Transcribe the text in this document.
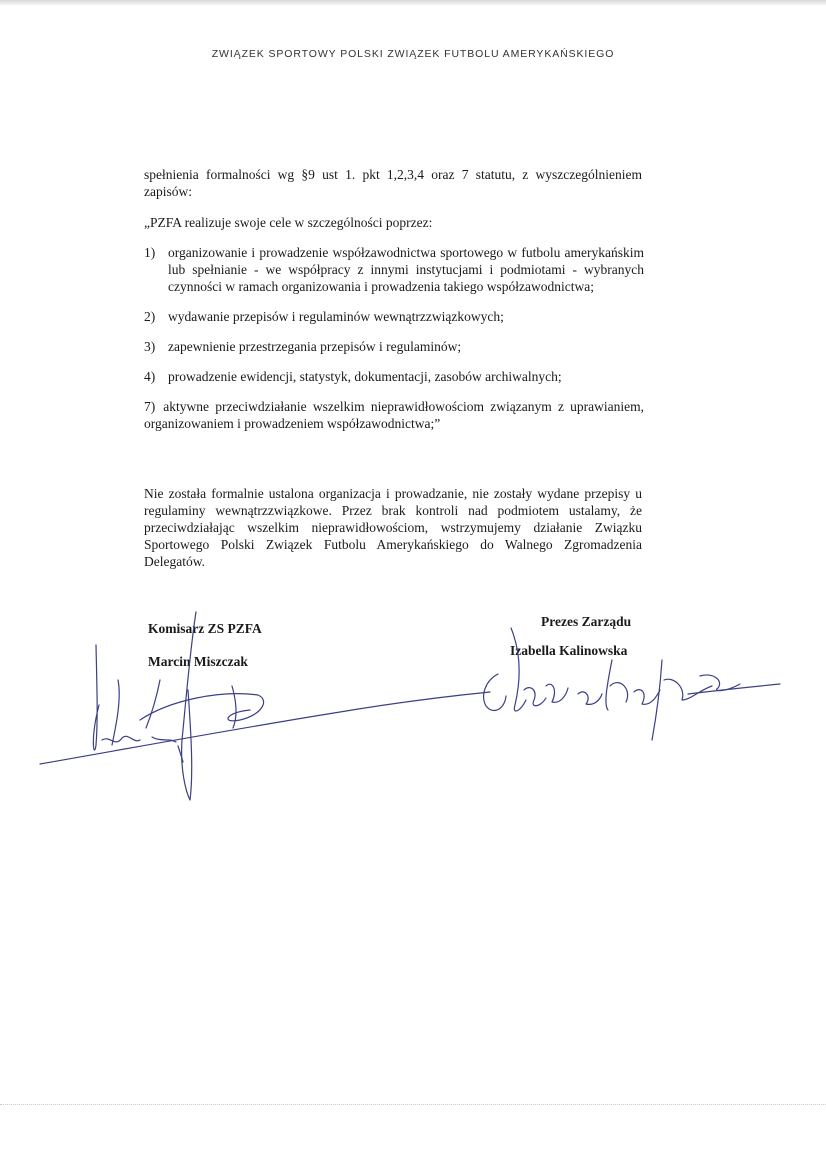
ZWIĄZEK SPORTOWY POLSKI ZWIĄZEK FUTBOLU AMERYKAŃSKIEGO
spełnienia formalności wg §9 ust 1. pkt 1,2,3,4 oraz 7 statutu, z wyszczególnieniem zapisów:
„PZFA realizuje swoje cele w szczególności poprzez:
1) organizowanie i prowadzenie współzawodnictwa sportowego w futbolu amerykańskim lub spełnianie - we współpracy z innymi instytucjami i podmiotami - wybranych czynności w ramach organizowania i prowadzenia takiego współzawodnictwa;
2) wydawanie przepisów i regulaminów wewnątrzzwiązkowych;
3) zapewnienie przestrzegania przepisów i regulaminów;
4) prowadzenie ewidencji, statystyk, dokumentacji, zasobów archiwalnych;
7) aktywne przeciwdziałanie wszelkim nieprawidłowościom związanym z uprawianiem, organizowaniem i prowadzeniem współzawodnictwa;”
Nie została formalnie ustalona organizacja i prowadzanie, nie zostały wydane przepisy u regulaminy wewnątrzzwiązkowe. Przez brak kontroli nad podmiotem ustalamy, że przeciwdziałając wszelkim nieprawidłowościom, wstrzymujemy działanie Związku Sportowego Polski Związek Futbolu Amerykańskiego do Walnego Zgromadzenia Delegatów.
Komisarz ZS PZFA
Marcin Miszczak
Prezes Zarządu
Izabella Kalinowska
